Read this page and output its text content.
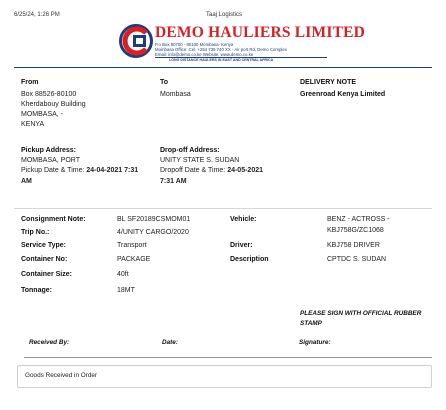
6/25/24, 1:26 PM	Taaj Logistics
DEMO HAULIERS LIMITED
P.o Box 80700 - 80100 Mombasa- Kenya
Mombasa Office: Cel. +254 735 740 XX - Air port Rd, Demo Complex
Email: info@demo.co.ke Website: www.demo.co.ke
LONG DISTANCE HAULERS IN EAST AND CENTRAL AFRICA
From
Box 88526-80100
Kherdabouy Building
MOMBASA, -
KENYA
To
Mombasa
DELIVERY NOTE
Greenroad Kenya Limited
Pickup Address:
MOMBASA, PORT
Pickup Date & Time: 24-04-2021 7:31
AM
Drop-off Address:
UNITY STATE S. SUDAN
Dropoff Date & Time: 24-05-2021
7:31 AM
Consignment Note:	BL SF20189CSMOM01
Trip No.:	4/UNITY CARGO/2020
Service Type:	Transport
Container No:	PACKAGE
Container Size:	40ft
Tonnage:	18MT
Vehicle:	BENZ - ACTROSS -
KBJ758G/ZC1068
Driver:	KBJ758 DRIVER
Description	CPTDC S. SUDAN
PLEASE SIGN WITH OFFICIAL RUBBER
STAMP
Received By:	Date:	Signature:
Goods Received in Order
